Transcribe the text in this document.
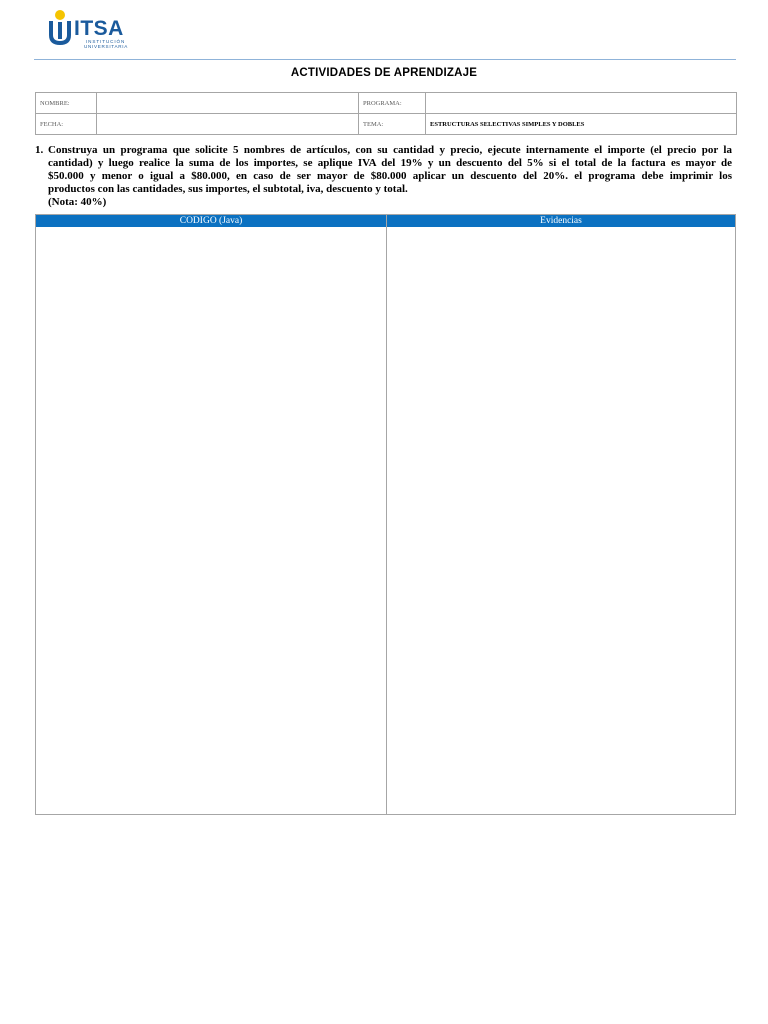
ITSA
INSTITUCIÓN
UNIVERSITARIA
ACTIVIDADES DE APRENDIZAJE
NOMBRE:		PROGRAMA:	
FECHA:		TEMA:	ESTRUCTURAS SELECTIVAS SIMPLES Y DOBLES
1. Construya un programa que solicite 5 nombres de artículos, con su cantidad y precio, ejecute internamente el importe (el precio por la
cantidad) y luego realice la suma de los importes, se aplique IVA del 19% y un descuento del 5% si el total de la factura es mayor de
$50.000 y menor o igual a $80.000, en caso de ser mayor de $80.000 aplicar un descuento del 20%. el programa debe imprimir los
productos con las cantidades, sus importes, el subtotal, iva, descuento y total.
(Nota: 40%)
CODIGO (Java)	Evidencias
